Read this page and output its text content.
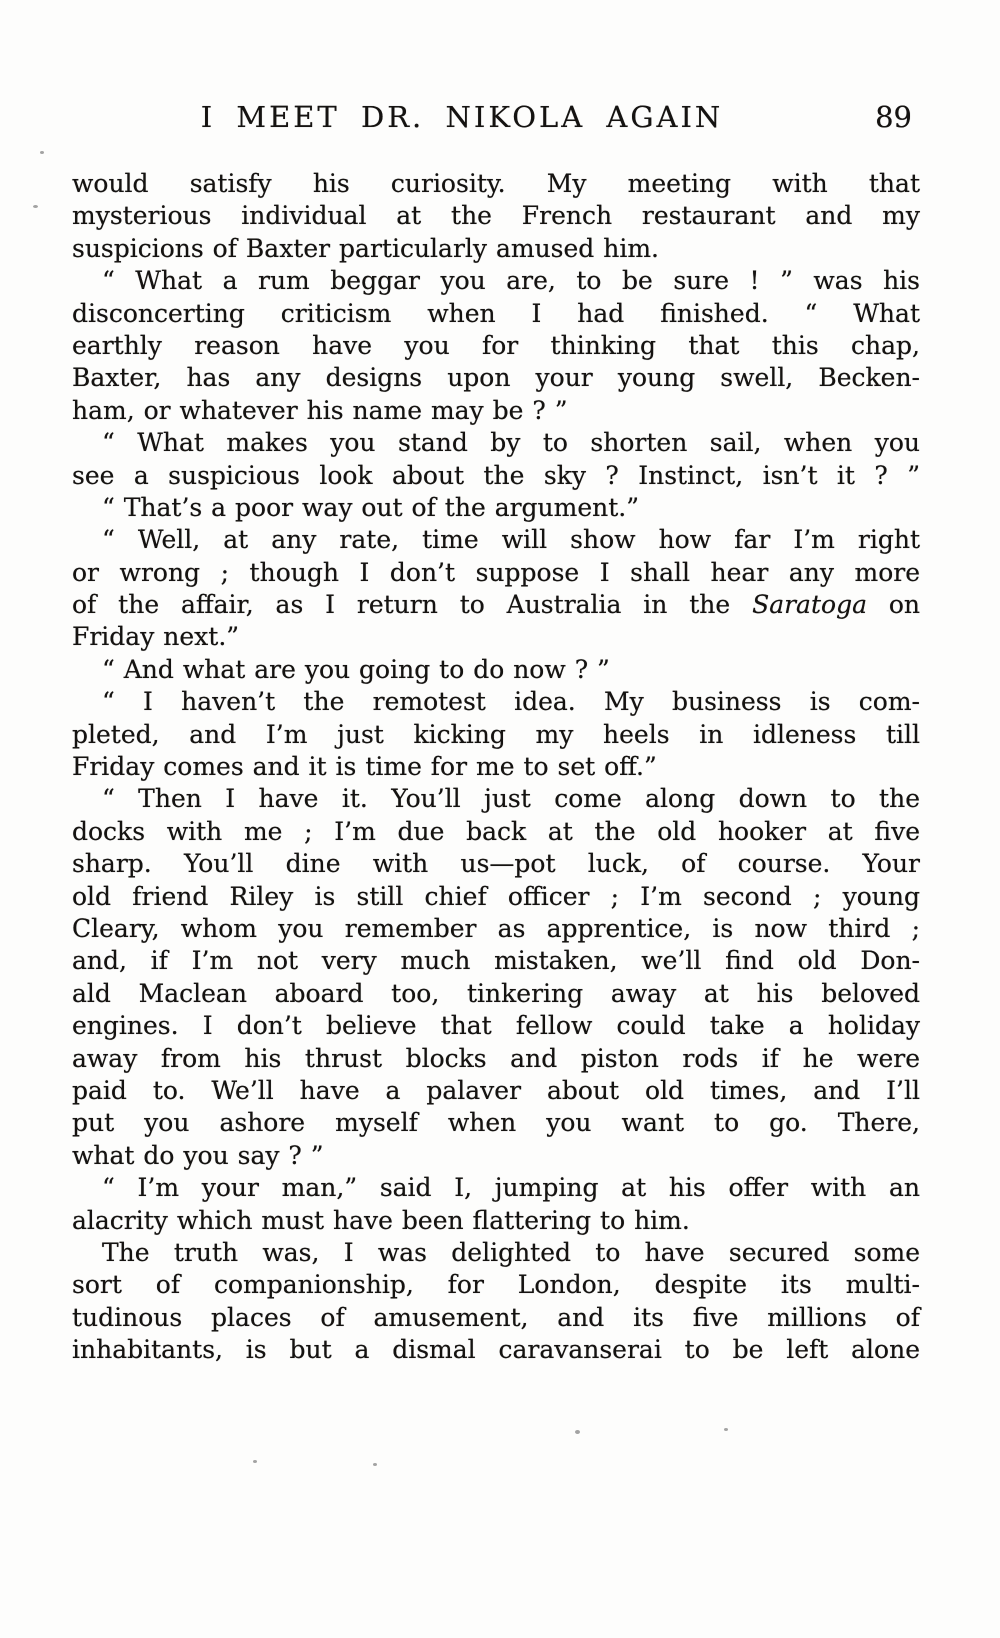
I MEET DR. NIKOLA AGAIN	89
would satisfy his curiosity. My meeting with that
mysterious individual at the French restaurant and my
suspicions of Baxter particularly amused him.
“ What a rum beggar you are, to be sure ! ” was his
disconcerting criticism when I had finished. “ What
earthly reason have you for thinking that this chap,
Baxter, has any designs upon your young swell, Becken-
ham, or whatever his name may be ? ”
“ What makes you stand by to shorten sail, when you
see a suspicious look about the sky ? Instinct, isn’t it ? ”
“ That’s a poor way out of the argument.”
“ Well, at any rate, time will show how far I’m right
or wrong ; though I don’t suppose I shall hear any more
of the affair, as I return to Australia in the Saratoga on
Friday next.”
“ And what are you going to do now ? ”
“ I haven’t the remotest idea. My business is com-
pleted, and I’m just kicking my heels in idleness till
Friday comes and it is time for me to set off.”
“ Then I have it. You’ll just come along down to the
docks with me ; I’m due back at the old hooker at five
sharp. You’ll dine with us—pot luck, of course. Your
old friend Riley is still chief officer ; I’m second ; young
Cleary, whom you remember as apprentice, is now third ;
and, if I’m not very much mistaken, we’ll find old Don-
ald Maclean aboard too, tinkering away at his beloved
engines. I don’t believe that fellow could take a holiday
away from his thrust blocks and piston rods if he were
paid to. We’ll have a palaver about old times, and I’ll
put you ashore myself when you want to go. There,
what do you say ? ”
“ I’m your man,” said I, jumping at his offer with an
alacrity which must have been flattering to him.
The truth was, I was delighted to have secured some
sort of companionship, for London, despite its multi-
tudinous places of amusement, and its five millions of
inhabitants, is but a dismal caravanserai to be left alone
